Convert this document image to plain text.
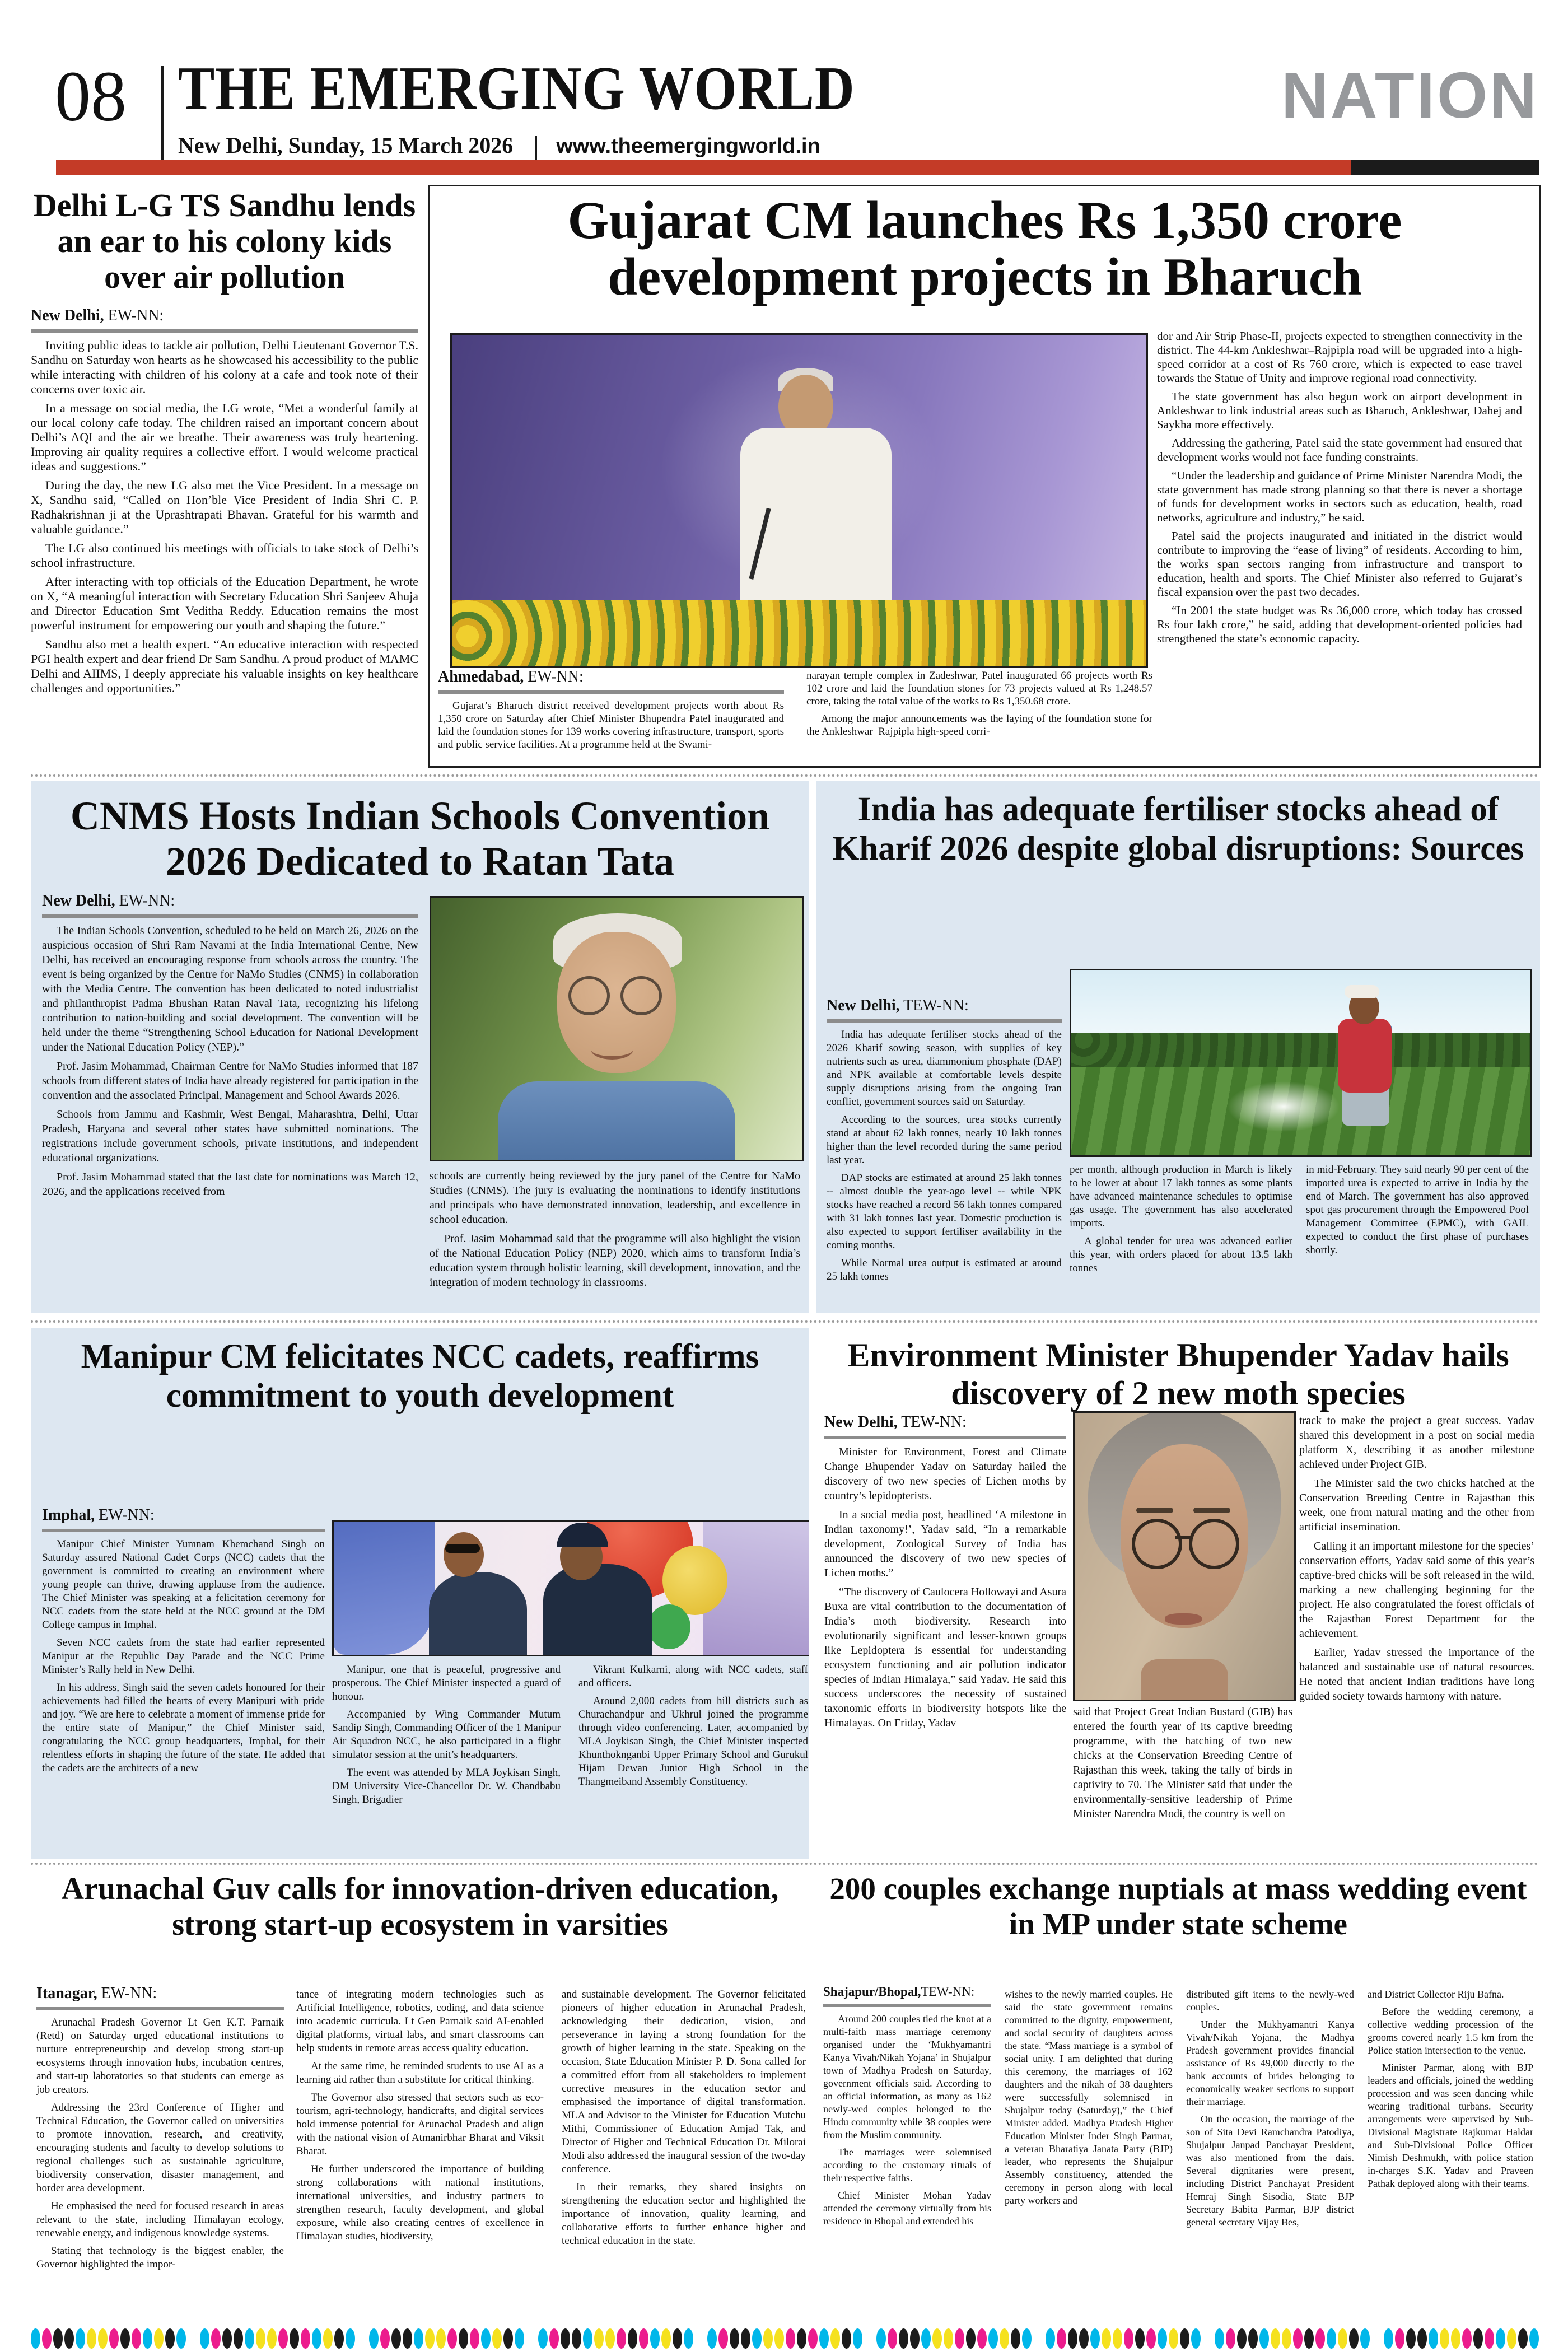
08 THE EMERGING WORLD
New Delhi, Sunday, 15 March 2026 www.theemergingworld.in
NATION
Delhi L-G TS Sandhu lends an ear to his colony kids over air pollution
New Delhi, EW-NN:

Inviting public ideas to tackle air pollution, Delhi Lieutenant Governor T.S. Sandhu on Saturday won hearts as he showcased his accessibility to the public while interacting with children of his colony at a cafe and took note of their concerns over toxic air.

In a message on social media, the LG wrote, “Met a wonderful family at our local colony cafe today. The children raised an important concern about Delhi’s AQI and the air we breathe. Their awareness was truly heartening. Improving air quality requires a collective effort. I would welcome practical ideas and suggestions.”

During the day, the new LG also met the Vice President. In a message on X, Sandhu said, “Called on Hon’ble Vice President of India Shri C. P. Radhakrishnan ji at the Uprashtrapati Bhavan. Grateful for his warmth and valuable guidance.”

The LG also continued his meetings with officials to take stock of Delhi’s school infrastructure.

After interacting with top officials of the Education Department, he wrote on X, “A meaningful interaction with Secretary Education Shri Sanjeev Ahuja and Director Education Smt Veditha Reddy. Education remains the most powerful instrument for empowering our youth and shaping the future.”

Sandhu also met a health expert. “An educative interaction with respected PGI health expert and dear friend Dr Sam Sandhu. A proud product of MAMC Delhi and AIIMS, I deeply appreciate his valuable insights on key healthcare challenges and opportunities.”

Gujarat CM launches Rs 1,350 crore development projects in Bharuch

dor and Air Strip Phase-II, projects expected to strengthen connectivity in the district. The 44-km Ankleshwar–Rajpipla road will be upgraded into a high-speed corridor at a cost of Rs 760 crore, which is expected to ease travel towards the Statue of Unity and improve regional road connectivity.

The state government has also begun work on airport development in Ankleshwar to link industrial areas such as Bharuch, Ankleshwar, Dahej and Saykha more effectively.

Addressing the gathering, Patel said the state government had ensured that development works would not face funding constraints.

“Under the leadership and guidance of Prime Minister Narendra Modi, the state government has made strong planning so that there is never a shortage of funds for development works in sectors such as education, health, road networks, agriculture and industry,” he said.

Patel said the projects inaugurated and initiated in the district would contribute to improving the “ease of living” of residents. According to him, the works span sectors ranging from infrastructure and transport to education, health and sports. The Chief Minister also referred to Gujarat’s fiscal expansion over the past two decades.

“In 2001 the state budget was Rs 36,000 crore, which today has crossed Rs four lakh crore,” he said, adding that development-oriented policies had strengthened the state’s economic capacity.

Ahmedabad, EW-NN:

Gujarat’s Bharuch district received development projects worth about Rs 1,350 crore on Saturday after Chief Minister Bhupendra Patel inaugurated and laid the foundation stones for 139 works covering infrastructure, transport, sports and public service facilities. At a programme held at the Swami-

narayan temple complex in Zadeshwar, Patel inaugurated 66 projects worth Rs 102 crore and laid the foundation stones for 73 projects valued at Rs 1,248.57 crore, taking the total value of the works to Rs 1,350.68 crore.

Among the major announcements was the laying of the foundation stone for the Ankleshwar–Rajpipla high-speed corri-

CNMS Hosts Indian Schools Convention 2026 Dedicated to Ratan Tata
New Delhi, EW-NN:

The Indian Schools Convention, scheduled to be held on March 26, 2026 on the auspicious occasion of Shri Ram Navami at the India International Centre, New Delhi, has received an encouraging response from schools across the country. The event is being organized by the Centre for NaMo Studies (CNMS) in collaboration with the Media Centre. The convention has been dedicated to noted industrialist and philanthropist Padma Bhushan Ratan Naval Tata, recognizing his lifelong contribution to nation-building and social development. The convention will be held under the theme “Strengthening School Education for National Development under the National Education Policy (NEP).”

Prof. Jasim Mohammad, Chairman Centre for NaMo Studies informed that 187 schools from different states of India have already registered for participation in the convention and the associated Principal, Management and School Awards 2026.

Schools from Jammu and Kashmir, West Bengal, Maharashtra, Delhi, Uttar Pradesh, Haryana and several other states have submitted nominations. The registrations include government schools, private institutions, and independent educational organizations.

Prof. Jasim Mohammad stated that the last date for nominations was March 12, 2026, and the applications received from

schools are currently being reviewed by the jury panel of the Centre for NaMo Studies (CNMS). The jury is evaluating the nominations to identify institutions and principals who have demonstrated innovation, leadership, and excellence in school education.

Prof. Jasim Mohammad said that the programme will also highlight the vision of the National Education Policy (NEP) 2020, which aims to transform India’s education system through holistic learning, skill development, innovation, and the integration of modern technology in classrooms.

India has adequate fertiliser stocks ahead of Kharif 2026 despite global disruptions: Sources
New Delhi, TEW-NN:

India has adequate fertiliser stocks ahead of the 2026 Kharif sowing season, with supplies of key nutrients such as urea, diammonium phosphate (DAP) and NPK available at comfortable levels despite supply disruptions arising from the ongoing Iran conflict, government sources said on Saturday.

According to the sources, urea stocks currently stand at about 62 lakh tonnes, nearly 10 lakh tonnes higher than the level recorded during the same period last year.

DAP stocks are estimated at around 25 lakh tonnes -- almost double the year-ago level -- while NPK stocks have reached a record 56 lakh tonnes compared with 31 lakh tonnes last year. Domestic production is also expected to support fertiliser availability in the coming months.

While Normal urea output is estimated at around 25 lakh tonnes

per month, although production in March is likely to be lower at about 17 lakh tonnes as some plants have advanced maintenance schedules to optimise gas usage. The government has also accelerated imports.

A global tender for urea was advanced earlier this year, with orders placed for about 13.5 lakh tonnes

in mid-February. They said nearly 90 per cent of the imported urea is expected to arrive in India by the end of March. The government has also approved spot gas procurement through the Empowered Pool Management Committee (EPMC), with GAIL expected to conduct the first phase of purchases shortly.

Manipur CM felicitates NCC cadets, reaffirms commitment to youth development
Imphal, EW-NN:

Manipur Chief Minister Yumnam Khemchand Singh on Saturday assured National Cadet Corps (NCC) cadets that the government is committed to creating an environment where young people can thrive, drawing applause from the audience. The Chief Minister was speaking at a felicitation ceremony for NCC cadets from the state held at the NCC ground at the DM College campus in Imphal.

Seven NCC cadets from the state had earlier represented Manipur at the Republic Day Parade and the NCC Prime Minister’s Rally held in New Delhi.

In his address, Singh said the seven cadets honoured for their achievements had filled the hearts of every Manipuri with pride and joy. “We are here to celebrate a moment of immense pride for the entire state of Manipur,” the Chief Minister said, congratulating the NCC group headquarters, Imphal, for their relentless efforts in shaping the future of the state. He added that the cadets are the architects of a new

Manipur, one that is peaceful, progressive and prosperous. The Chief Minister inspected a guard of honour.

Accompanied by Wing Commander Mutum Sandip Singh, Commanding Officer of the 1 Manipur Air Squadron NCC, he also participated in a flight simulator session at the unit’s headquarters.

The event was attended by MLA Joykisan Singh, DM University Vice-Chancellor Dr. W. Chandbabu Singh, Brigadier

Vikrant Kulkarni, along with NCC cadets, staff and officers.

Around 2,000 cadets from hill districts such as Churachandpur and Ukhrul joined the programme through video conferencing. Later, accompanied by MLA Joykisan Singh, the Chief Minister inspected Khunthoknganbi Upper Primary School and Gurukul Hijam Dewan Junior High School in the Thangmeiband Assembly Constituency.

Environment Minister Bhupender Yadav hails discovery of 2 new moth species
New Delhi, TEW-NN:

Minister for Environment, Forest and Climate Change Bhupender Yadav on Saturday hailed the discovery of two new species of Lichen moths by country’s lepidopterists.

In a social media post, headlined ‘A milestone in Indian taxonomy!’, Yadav said, “In a remarkable development, Zoological Survey of India has announced the discovery of two new species of Lichen moths.”

“The discovery of Caulocera Hollowayi and Asura Buxa are vital contribution to the documentation of India’s moth biodiversity. Research into evolutionarily significant and lesser-known groups like Lepidoptera is essential for understanding ecosystem functioning and air pollution indicator species of Indian Himalaya,” said Yadav. He said this success underscores the necessity of sustained taxonomic efforts in biodiversity hotspots like the Himalayas. On Friday, Yadav

said that Project Great Indian Bustard (GIB) has entered the fourth year of its captive breeding programme, with the hatching of two new chicks at the Conservation Breeding Centre of Rajasthan this week, taking the tally of birds in captivity to 70. The Minister said that under the environmentally-sensitive leadership of Prime Minister Narendra Modi, the country is well on

track to make the project a great success. Yadav shared this development in a post on social media platform X, describing it as another milestone achieved under Project GIB.

The Minister said the two chicks hatched at the Conservation Breeding Centre in Rajasthan this week, one from natural mating and the other from artificial insemination.

Calling it an important milestone for the species’ conservation efforts, Yadav said some of this year’s captive-bred chicks will be soft released in the wild, marking a new challenging beginning for the project. He also congratulated the forest officials of the Rajasthan Forest Department for the achievement.

Earlier, Yadav stressed the importance of the balanced and sustainable use of natural resources. He noted that ancient Indian traditions have long guided society towards harmony with nature.

Arunachal Guv calls for innovation-driven education, strong start-up ecosystem in varsities
Itanagar, EW-NN:

Arunachal Pradesh Governor Lt Gen K.T. Parnaik (Retd) on Saturday urged educational institutions to nurture entrepreneurship and develop strong start-up ecosystems through innovation hubs, incubation centres, and start-up laboratories so that students can emerge as job creators.

Addressing the 23rd Conference of Higher and Technical Education, the Governor called on universities to promote innovation, research, and creativity, encouraging students and faculty to develop solutions to regional challenges such as sustainable agriculture, biodiversity conservation, disaster management, and border area development.

He emphasised the need for focused research in areas relevant to the state, including Himalayan ecology, renewable energy, and indigenous knowledge systems.

Stating that technology is the biggest enabler, the Governor highlighted the impor-

tance of integrating modern technologies such as Artificial Intelligence, robotics, coding, and data science into academic curricula. Lt Gen Parnaik said AI-enabled digital platforms, virtual labs, and smart classrooms can help students in remote areas access quality education.

At the same time, he reminded students to use AI as a learning aid rather than a substitute for critical thinking.

The Governor also stressed that sectors such as eco-tourism, agri-technology, handicrafts, and digital services hold immense potential for Arunachal Pradesh and align with the national vision of Atmanirbhar Bharat and Viksit Bharat.

He further underscored the importance of building strong collaborations with national institutions, international universities, and industry partners to strengthen research, faculty development, and global exposure, while also creating centres of excellence in Himalayan studies, biodiversity,

and sustainable development. The Governor felicitated pioneers of higher education in Arunachal Pradesh, acknowledging their dedication, vision, and perseverance in laying a strong foundation for the growth of higher learning in the state. Speaking on the occasion, State Education Minister P. D. Sona called for a committed effort from all stakeholders to implement corrective measures in the education sector and emphasised the importance of digital transformation. MLA and Advisor to the Minister for Education Mutchu Mithi, Commissioner of Education Amjad Tak, and Director of Higher and Technical Education Dr. Milorai Modi also addressed the inaugural session of the two-day conference.

In their remarks, they shared insights on strengthening the education sector and highlighted the importance of innovation, quality learning, and collaborative efforts to further enhance higher and technical education in the state.

200 couples exchange nuptials at mass wedding event in MP under state scheme
Shajapur/Bhopal,TEW-NN:

Around 200 couples tied the knot at a multi-faith mass marriage ceremony organised under the ‘Mukhyamantri Kanya Vivah/Nikah Yojana’ in Shujalpur town of Madhya Pradesh on Saturday, government officials said. According to an official information, as many as 162 newly-wed couples belonged to the Hindu community while 38 couples were from the Muslim community.

The marriages were solemnised according to the customary rituals of their respective faiths.

Chief Minister Mohan Yadav attended the ceremony virtually from his residence in Bhopal and extended his

wishes to the newly married couples. He said the state government remains committed to the dignity, empowerment, and social security of daughters across the state. “Mass marriage is a symbol of social unity. I am delighted that during this ceremony, the marriages of 162 daughters and the nikah of 38 daughters were successfully solemnised in Shujalpur today (Saturday),” the Chief Minister added. Madhya Pradesh Higher Education Minister Inder Singh Parmar, a veteran Bharatiya Janata Party (BJP) leader, who represents the Shujalpur Assembly constituency, attended the ceremony in person along with local party workers and

distributed gift items to the newly-wed couples.

Under the Mukhyamantri Kanya Vivah/Nikah Yojana, the Madhya Pradesh government provides financial assistance of Rs 49,000 directly to the bank accounts of brides belonging to economically weaker sections to support their marriage.

On the occasion, the marriage of the son of Sita Devi Ramchandra Patodiya, Shujalpur Janpad Panchayat President, was also mentioned from the dais. Several dignitaries were present, including District Panchayat President Hemraj Singh Sisodia, State BJP Secretary Babita Parmar, BJP district general secretary Vijay Bes,

and District Collector Riju Bafna.

Before the wedding ceremony, a collective wedding procession of the grooms covered nearly 1.5 km from the Police station intersection to the venue.

Minister Parmar, along with BJP leaders and officials, joined the wedding procession and was seen dancing while wearing traditional turbans. Security arrangements were supervised by Sub-Divisional Magistrate Rajkumar Haldar and Sub-Divisional Police Officer Nimish Deshmukh, with police station in-charges S.K. Yadav and Praveen Pathak deployed along with their teams.
